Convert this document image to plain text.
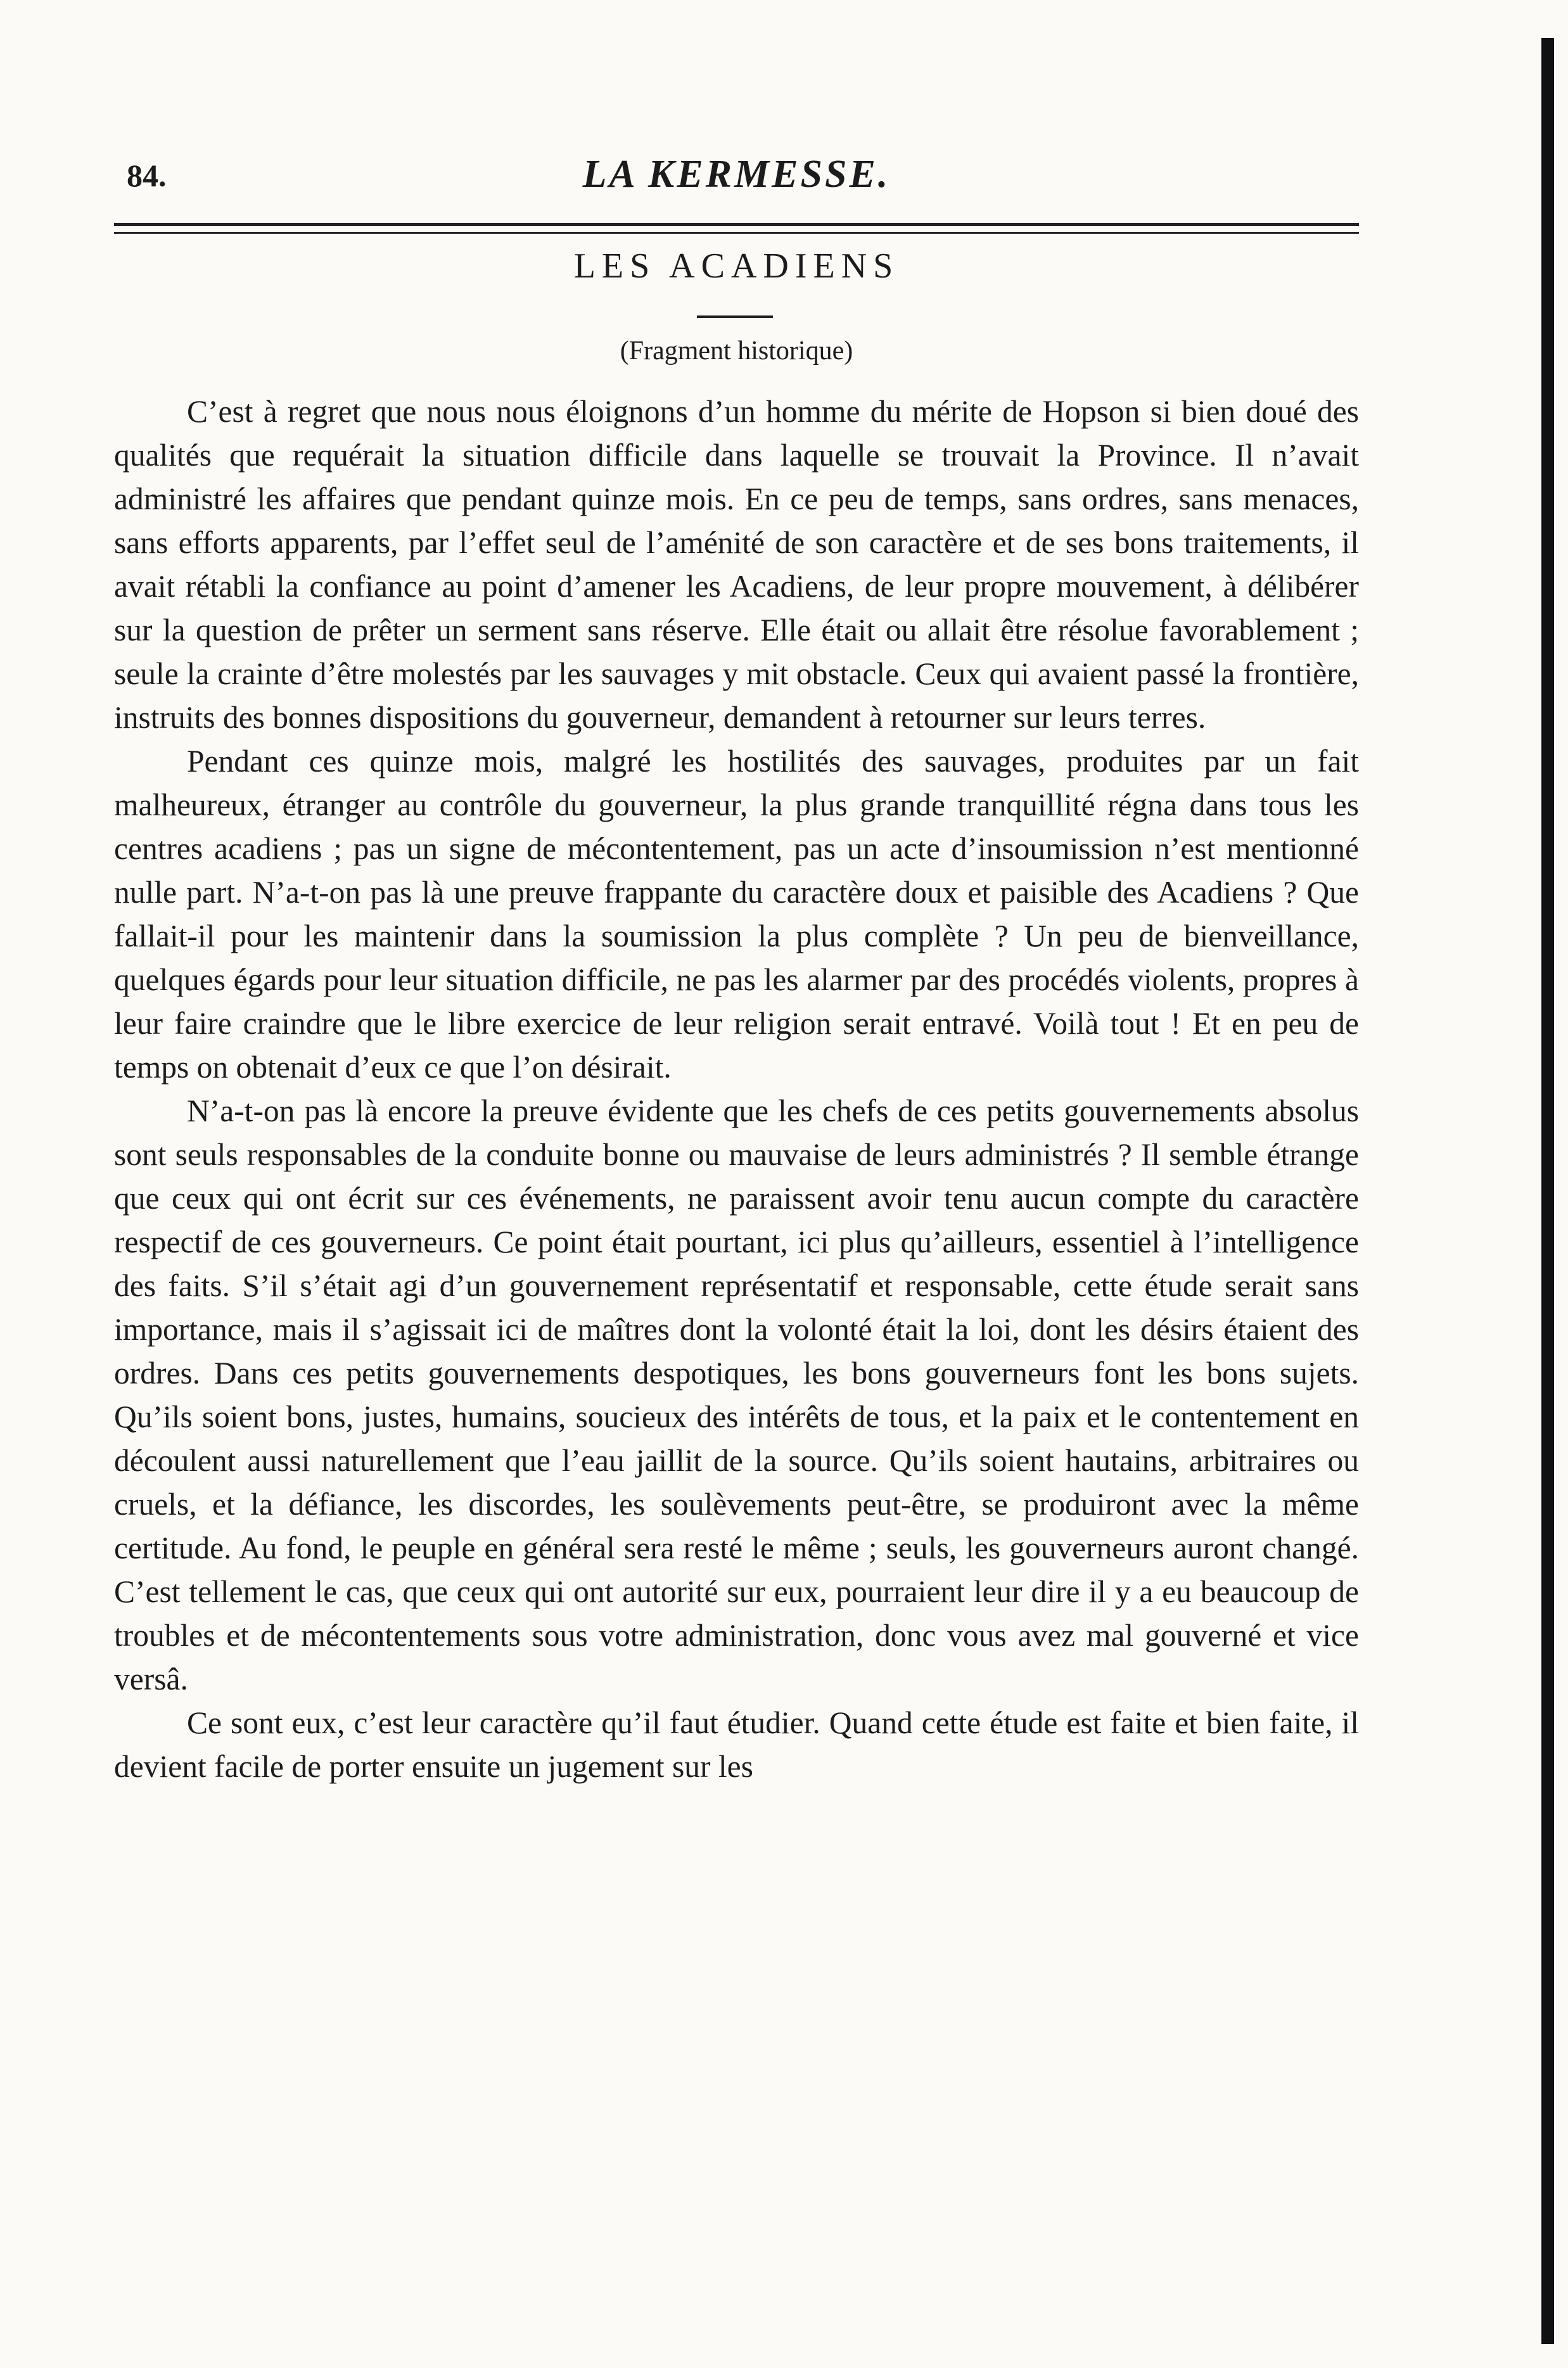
84.	LA KERMESSE.
LES ACADIENS
(Fragment historique)

C’est à regret que nous nous éloignons d’un homme du mérite de Hopson si bien doué des qualités que requérait la situation difficile dans laquelle se trouvait la Province. Il n’avait administré les affaires que pendant quinze mois. En ce peu de temps, sans ordres, sans menaces, sans efforts apparents, par l’effet seul de l’aménité de son caractère et de ses bons traitements, il avait rétabli la confiance au point d’amener les Acadiens, de leur propre mouvement, à délibérer sur la question de prêter un serment sans réserve. Elle était ou allait être résolue favorablement ; seule la crainte d’être molestés par les sauvages y mit obstacle. Ceux qui avaient passé la frontière, instruits des bonnes dispositions du gouverneur, demandent à retourner sur leurs terres.

Pendant ces quinze mois, malgré les hostilités des sauvages, produites par un fait malheureux, étranger au contrôle du gouverneur, la plus grande tranquillité régna dans tous les centres acadiens ; pas un signe de mécontentement, pas un acte d’insoumission n’est mentionné nulle part. N’a-t-on pas là une preuve frappante du caractère doux et paisible des Acadiens ? Que fallait-il pour les maintenir dans la soumission la plus complète ? Un peu de bienveillance, quelques égards pour leur situation difficile, ne pas les alarmer par des procédés violents, propres à leur faire craindre que le libre exercice de leur religion serait entravé. Voilà tout ! Et en peu de temps on obtenait d’eux ce que l’on désirait.

N’a-t-on pas là encore la preuve évidente que les chefs de ces petits gouvernements absolus sont seuls responsables de la conduite bonne ou mauvaise de leurs administrés ? Il semble étrange que ceux qui ont écrit sur ces événements, ne paraissent avoir tenu aucun compte du caractère respectif de ces gouverneurs. Ce point était pourtant, ici plus qu’ailleurs, essentiel à l’intelligence des faits. S’il s’était agi d’un gouvernement représentatif et responsable, cette étude serait sans importance, mais il s’agissait ici de maîtres dont la volonté était la loi, dont les désirs étaient des ordres. Dans ces petits gouvernements despotiques, les bons gouverneurs font les bons sujets. Qu’ils soient bons, justes, humains, soucieux des intérêts de tous, et la paix et le contentement en découlent aussi naturellement que l’eau jaillit de la source. Qu’ils soient hautains, arbitraires ou cruels, et la défiance, les discordes, les soulèvements peut-être, se produiront avec la même certitude. Au fond, le peuple en général sera resté le même ; seuls, les gouverneurs auront changé. C’est tellement le cas, que ceux qui ont autorité sur eux, pourraient leur dire il y a eu beaucoup de troubles et de mécontentements sous votre administration, donc vous avez mal gouverné et vice versâ.

Ce sont eux, c’est leur caractère qu’il faut étudier. Quand cette étude est faite et bien faite, il devient facile de porter ensuite un jugement sur les
